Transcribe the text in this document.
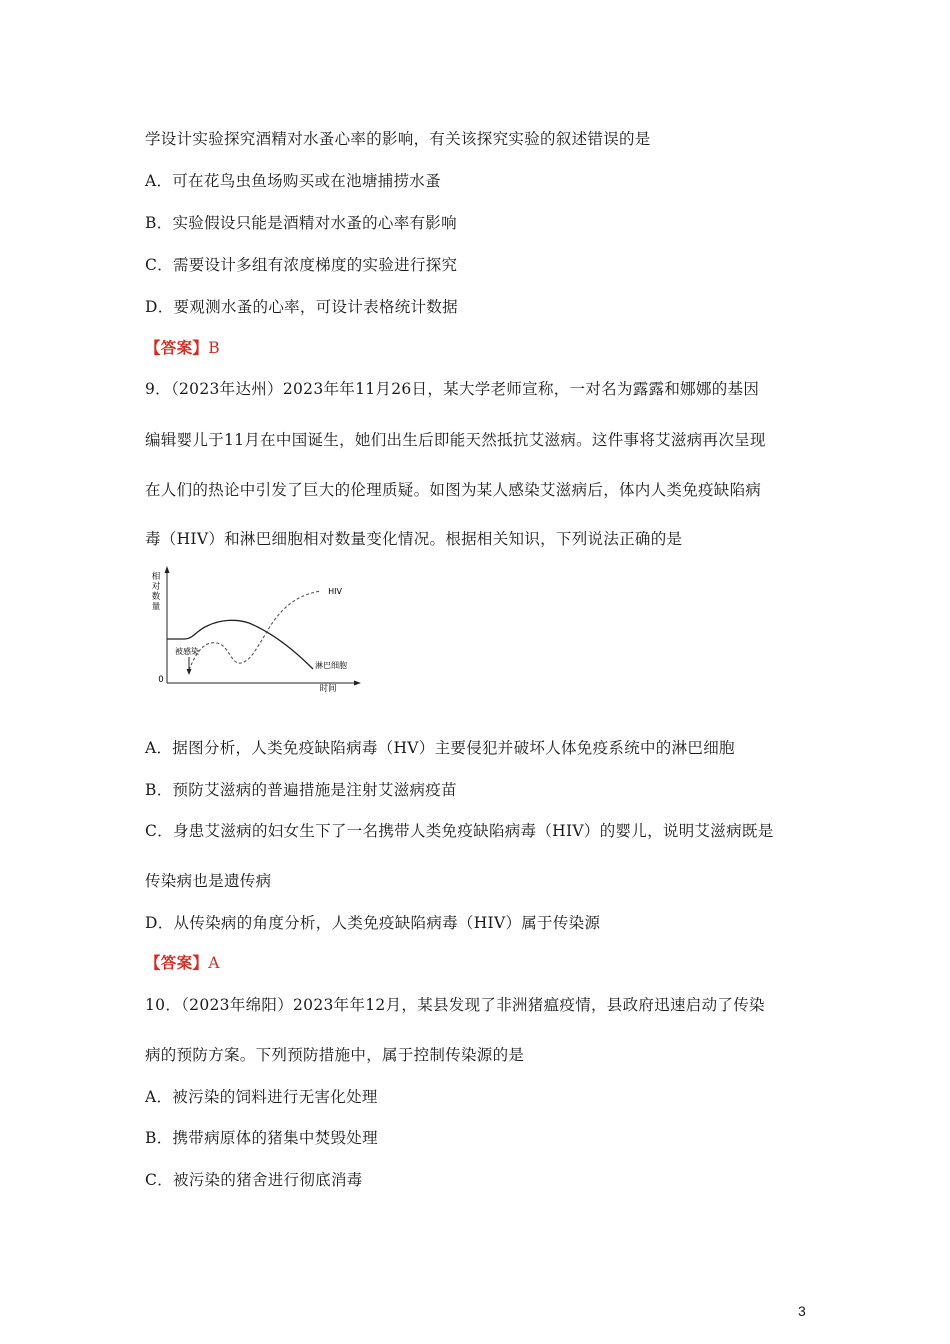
学设计实验探究酒精对水蚤心率的影响，有关该探究实验的叙述错误的是
A．可在花鸟虫鱼场购买或在池塘捕捞水蚤
B．实验假设只能是酒精对水蚤的心率有影响
C．需要设计多组有浓度梯度的实验进行探究
D．要观测水蚤的心率，可设计表格统计数据
【答案】B
9．（2023年达州）2023年年11月26日，某大学老师宣称，一对名为露露和娜娜的基因
编辑婴儿于11月在中国诞生，她们出生后即能天然抵抗艾滋病。这件事将艾滋病再次呈现
在人们的热论中引发了巨大的伦理质疑。如图为某人感染艾滋病后，体内人类免疫缺陷病
毒（HIV）和淋巴细胞相对数量变化情况。根据相关知识，下列说法正确的是
相
对
数
量
0
时间
HIV
淋巴细胞
被感染
A．据图分析，人类免疫缺陷病毒（HV）主要侵犯并破坏人体免疫系统中的淋巴细胞
B．预防艾滋病的普遍措施是注射艾滋病疫苗
C．身患艾滋病的妇女生下了一名携带人类免疫缺陷病毒（HIV）的婴儿，说明艾滋病既是
传染病也是遗传病
D．从传染病的角度分析，人类免疫缺陷病毒（HIV）属于传染源
【答案】A
10．（2023年绵阳）2023年年12月，某县发现了非洲猪瘟疫情，县政府迅速启动了传染
病的预防方案。下列预防措施中，属于控制传染源的是
A．被污染的饲料进行无害化处理
B．携带病原体的猪集中焚毁处理
C．被污染的猪舍进行彻底消毒
3
